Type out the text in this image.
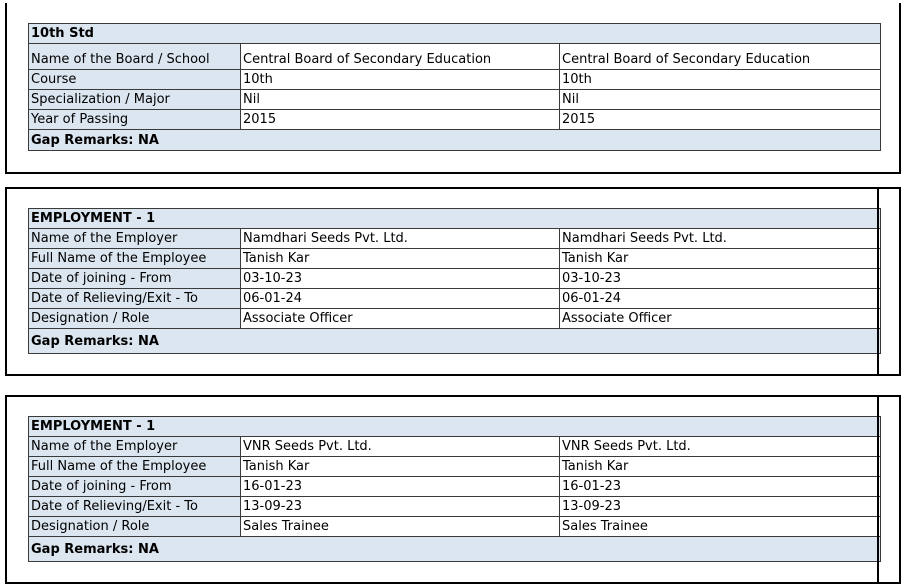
10th Std		
Name of the Board / School	Central Board of Secondary Education	Central Board of Secondary Education
Course	10th	10th
Specialization / Major	Nil	Nil
Year of Passing	2015	2015
Gap Remarks: NA		
EMPLOYMENT - 1		
Name of the Employer	Namdhari Seeds Pvt. Ltd.	Namdhari Seeds Pvt. Ltd.
Full Name of the Employee	Tanish Kar	Tanish Kar
Date of joining - From	03-10-23	03-10-23
Date of Relieving/Exit - To	06-01-24	06-01-24
Designation / Role	Associate Officer	Associate Officer
Gap Remarks: NA		
EMPLOYMENT - 1		
Name of the Employer	VNR Seeds Pvt. Ltd.	VNR Seeds Pvt. Ltd.
Full Name of the Employee	Tanish Kar	Tanish Kar
Date of joining - From	16-01-23	16-01-23
Date of Relieving/Exit - To	13-09-23	13-09-23
Designation / Role	Sales Trainee	Sales Trainee
Gap Remarks: NA		
